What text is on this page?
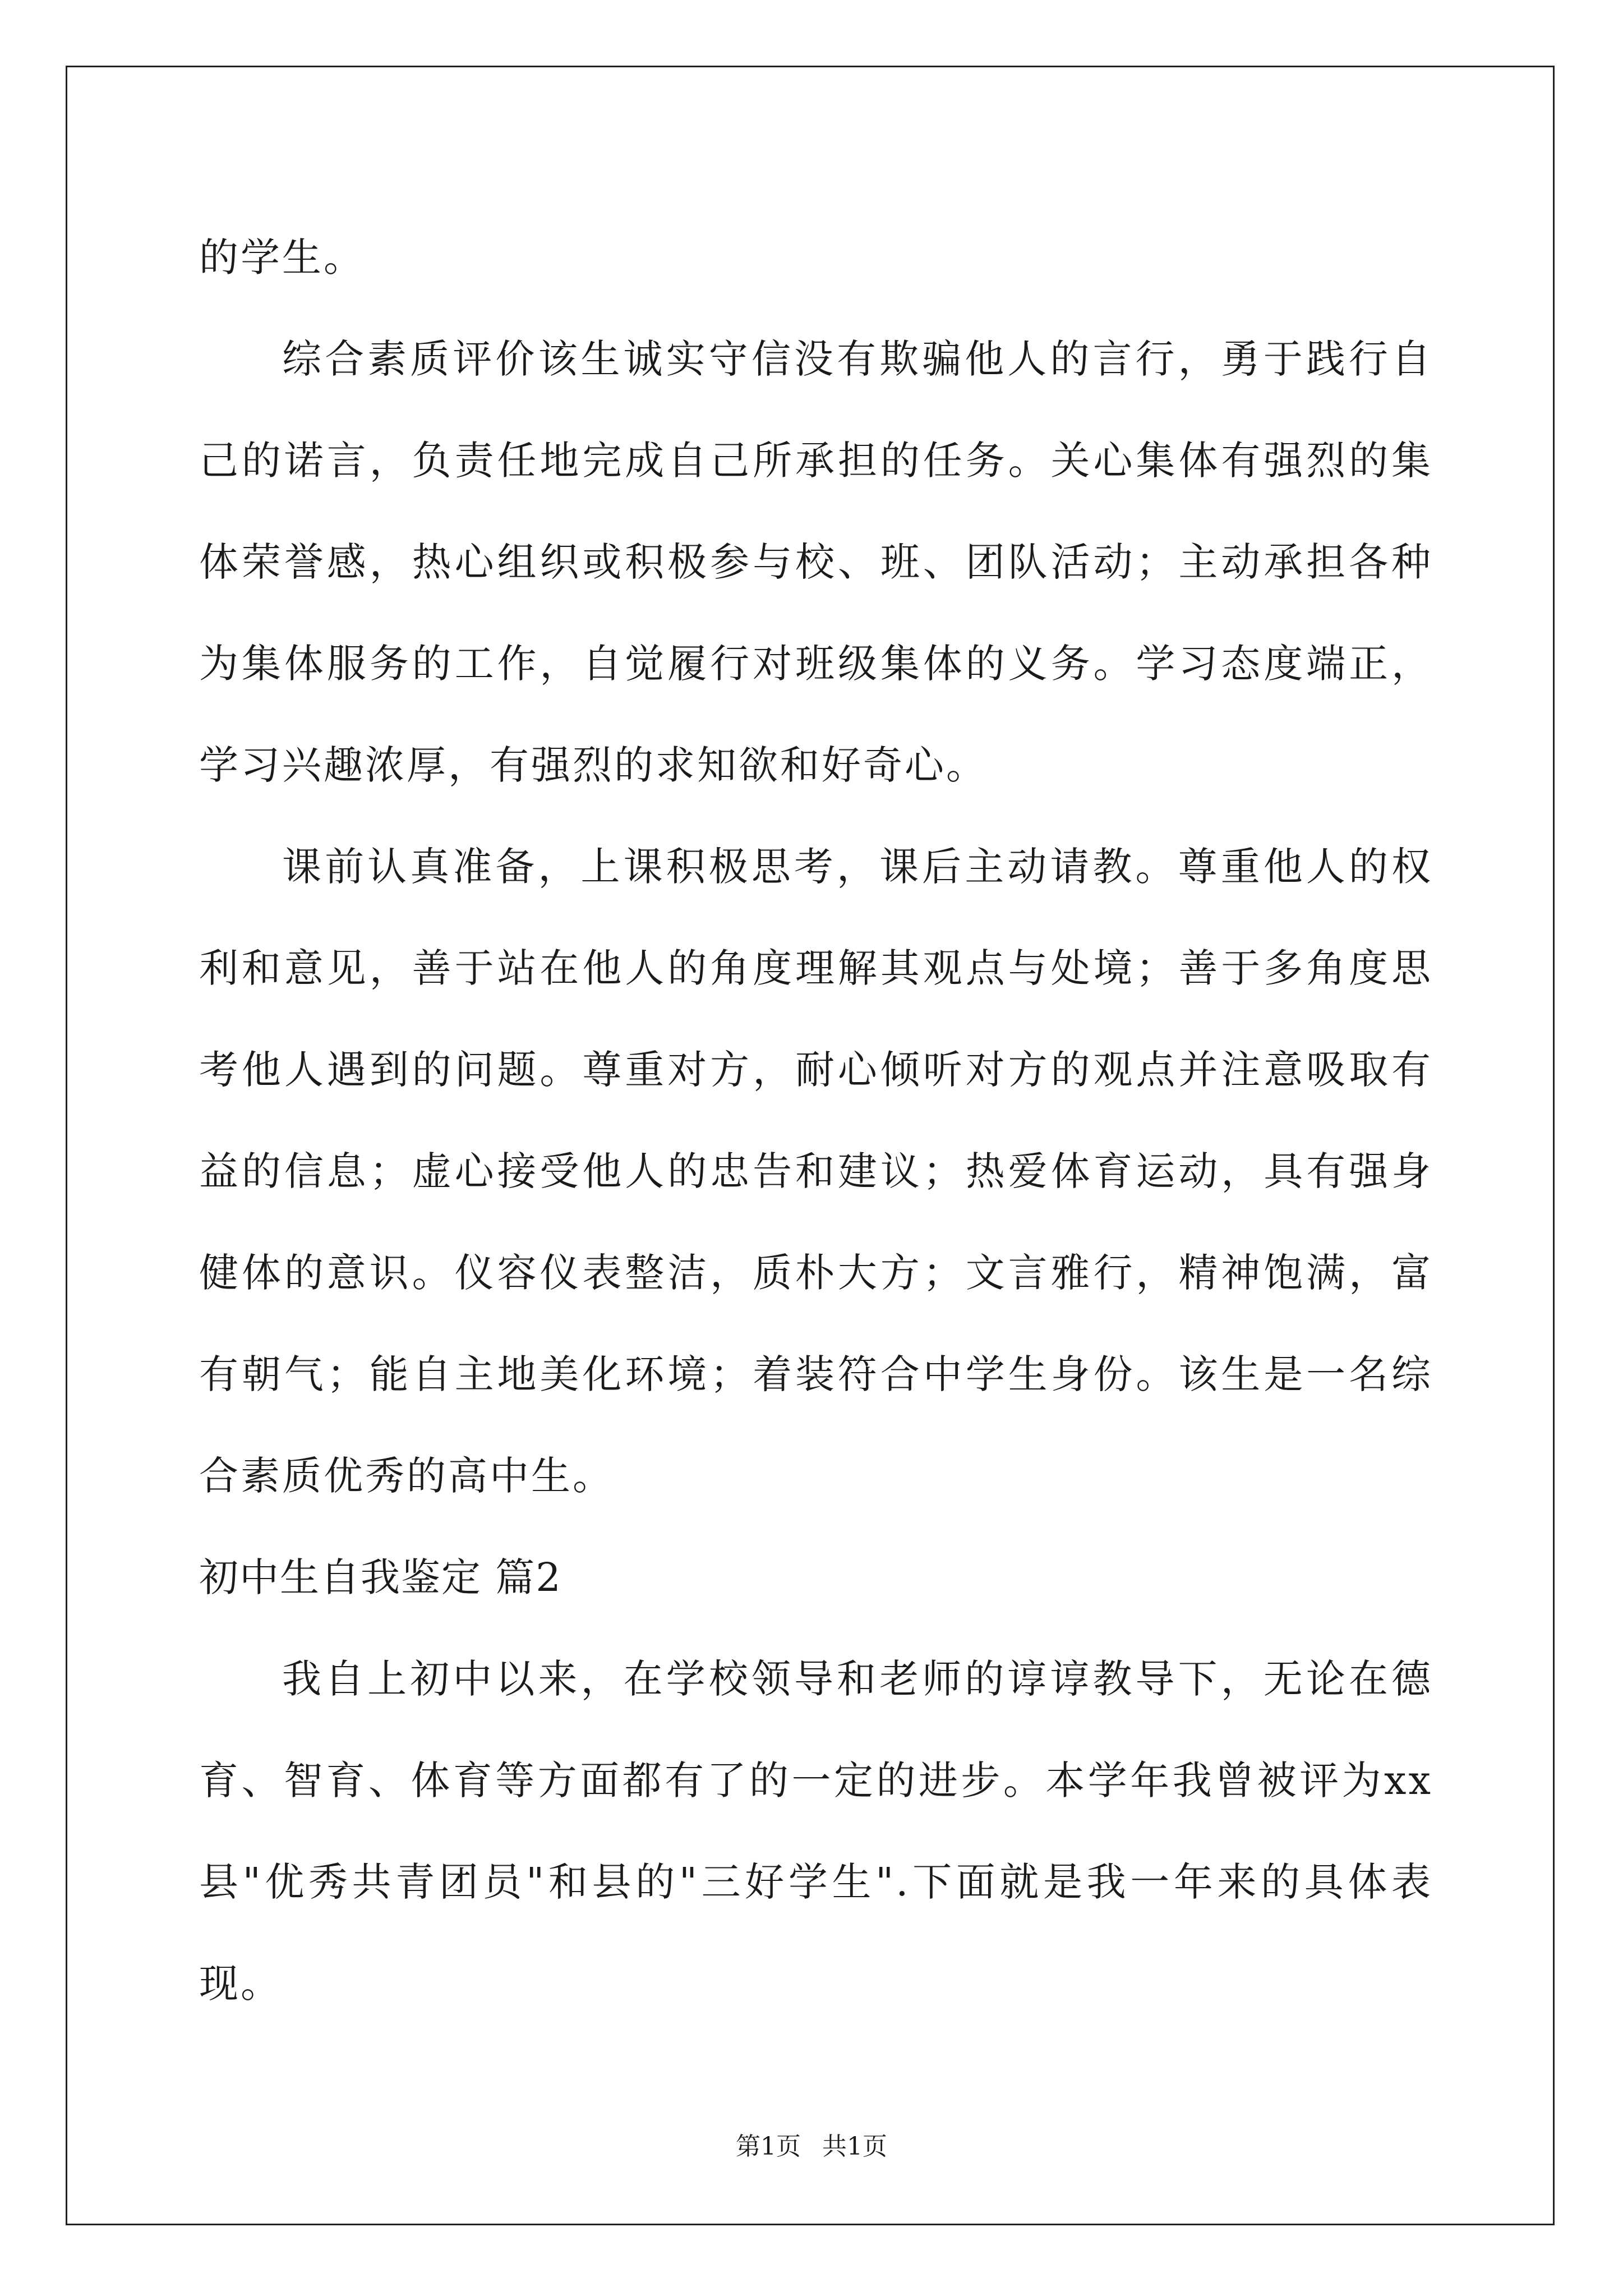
的学生。

综合素质评价该生诚实守信没有欺骗他人的言行，勇于践行自己的诺言，负责任地完成自己所承担的任务。关心集体有强烈的集体荣誉感，热心组织或积极参与校、班、团队活动；主动承担各种为集体服务的工作，自觉履行对班级集体的义务。学习态度端正，学习兴趣浓厚，有强烈的求知欲和好奇心。

课前认真准备，上课积极思考，课后主动请教。尊重他人的权利和意见，善于站在他人的角度理解其观点与处境；善于多角度思考他人遇到的问题。尊重对方，耐心倾听对方的观点并注意吸取有益的信息；虚心接受他人的忠告和建议；热爱体育运动，具有强身健体的意识。仪容仪表整洁，质朴大方；文言雅行，精神饱满，富有朝气；能自主地美化环境；着装符合中学生身份。该生是一名综合素质优秀的高中生。

初中生自我鉴定 篇2

我自上初中以来，在学校领导和老师的谆谆教导下，无论在德育、智育、体育等方面都有了的一定的进步。本学年我曾被评为xx县"优秀共青团员"和县的"三好学生".下面就是我一年来的具体表现。

第1页 共1页
